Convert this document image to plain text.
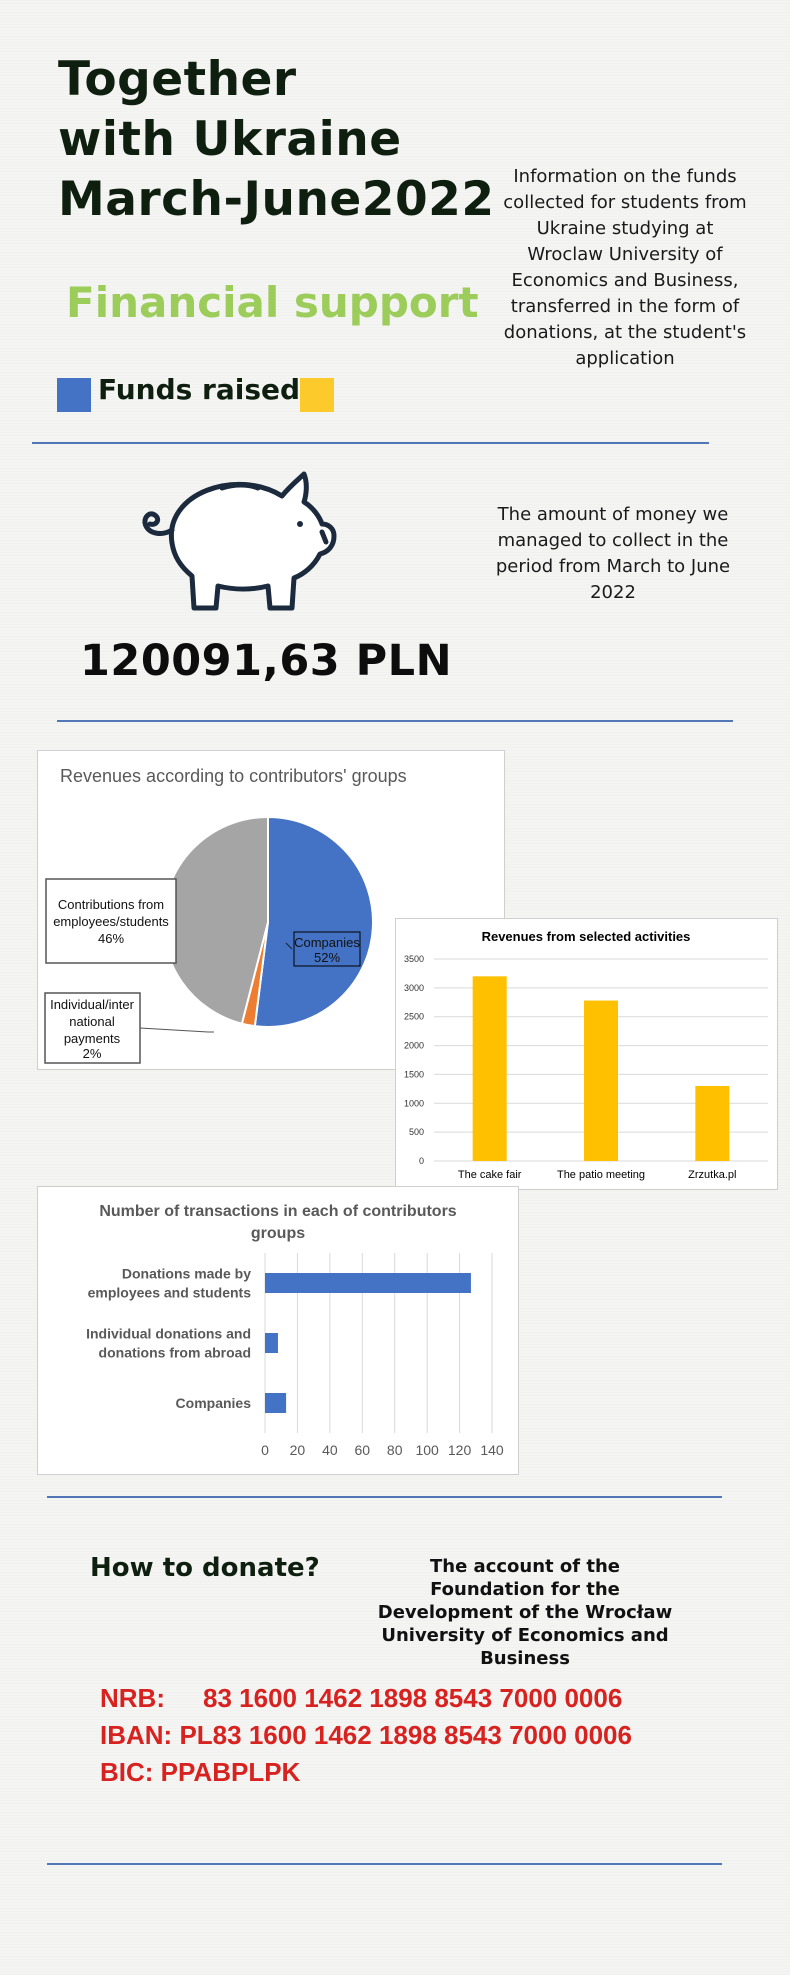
Together
with Ukraine
March-June2022	Information on the funds collected for students from Ukraine studying at Wroclaw University of Economics and Business, transferred in the form of donations, at the student's application
Financial support
Funds raised
The amount of money we managed to collect in the period from March to June 2022
120091,63 PLN
Revenues according to contributors' groups
Companies
52%
Contributions from
employees/students
46%
Individual/inter
national
payments
2%
Revenues from selected activities
0
500
1000
1500
2000
2500
3000
3500
The cake fair	The patio meeting	Zrzutka.pl
Number of transactions in each of contributors
groups
0 20 40 60 80 100 120 140
Donations made by
employees and students
Individual donations and
donations from abroad
Companies
How to donate?	The account of the Foundation for the Development of the Wrocław University of Economics and Business
NRB: 83 1600 1462 1898 8543 7000 0006
IBAN: PL83 1600 1462 1898 8543 7000 0006
BIC: PPABPLPK
